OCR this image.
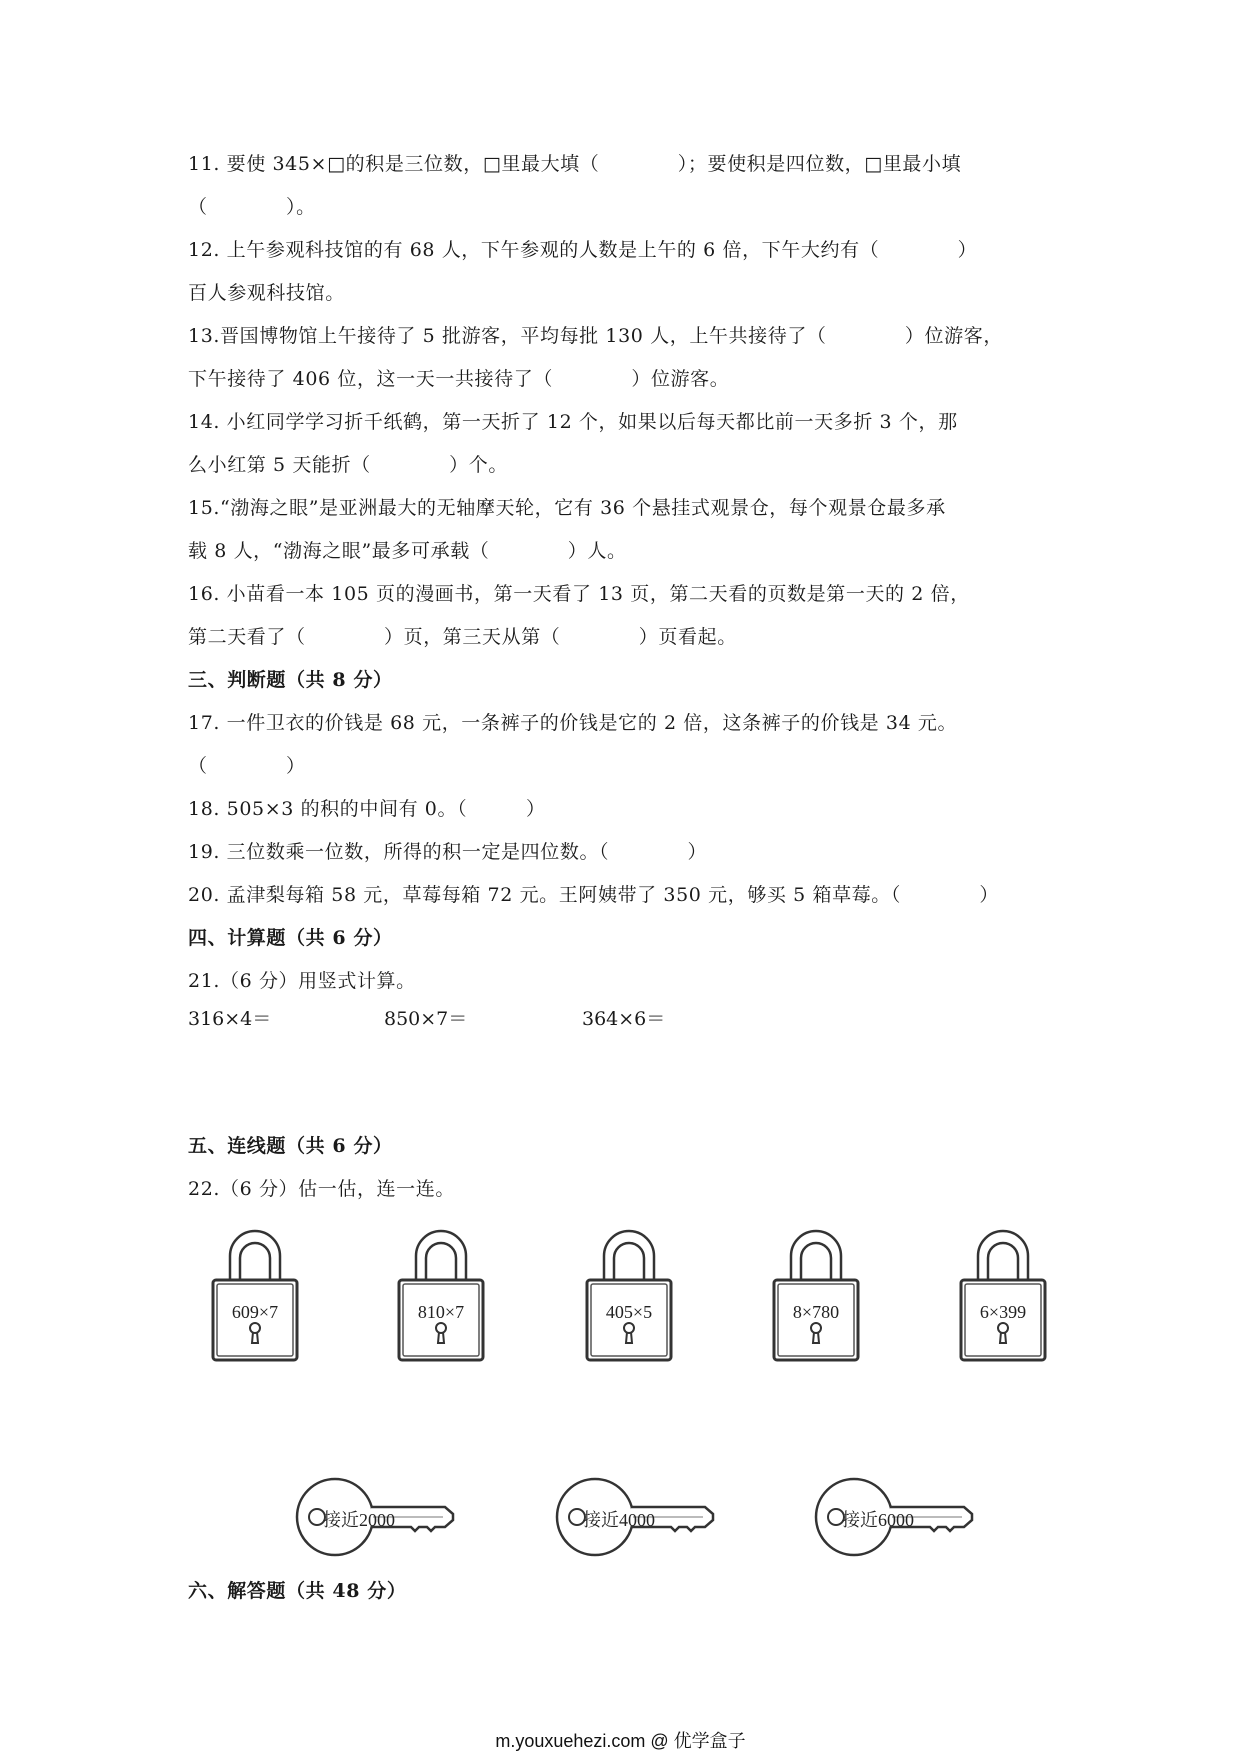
11. 要使 345×□的积是三位数，□里最大填（　　　　）；要使积是四位数，□里最小填
（　　　　）。
12. 上午参观科技馆的有 68 人，下午参观的人数是上午的 6 倍，下午大约有（　　　　）
百人参观科技馆。
13.晋国博物馆上午接待了 5 批游客，平均每批 130 人，上午共接待了（　　　　）位游客，
下午接待了 406 位，这一天一共接待了（　　　　）位游客。
14. 小红同学学习折千纸鹤，第一天折了 12 个，如果以后每天都比前一天多折 3 个，那
么小红第 5 天能折（　　　　）个。
15.“渤海之眼”是亚洲最大的无轴摩天轮，它有 36 个悬挂式观景仓，每个观景仓最多承
载 8 人，“渤海之眼”最多可承载（　　　　）人。
16. 小苗看一本 105 页的漫画书，第一天看了 13 页，第二天看的页数是第一天的 2 倍，
第二天看了（　　　　）页，第三天从第（　　　　）页看起。
三、判断题（共 8 分）
17. 一件卫衣的价钱是 68 元，一条裤子的价钱是它的 2 倍，这条裤子的价钱是 34 元。
（　　　　）
18. 505×3 的积的中间有 0。（　　　）
19. 三位数乘一位数，所得的积一定是四位数。（　　　　）
20. 孟津梨每箱 58 元，草莓每箱 72 元。王阿姨带了 350 元，够买 5 箱草莓。（　　　　）
四、计算题（共 6 分）
21.（6 分）用竖式计算。
316×4＝	850×7＝	364×6＝
五、连线题（共 6 分）
22.（6 分）估一估，连一连。
609×7	810×7	405×5	8×780	6×399
接近2000	接近4000	接近6000
六、解答题（共 48 分）
m.youxuehezi.com @ 优学盒子
